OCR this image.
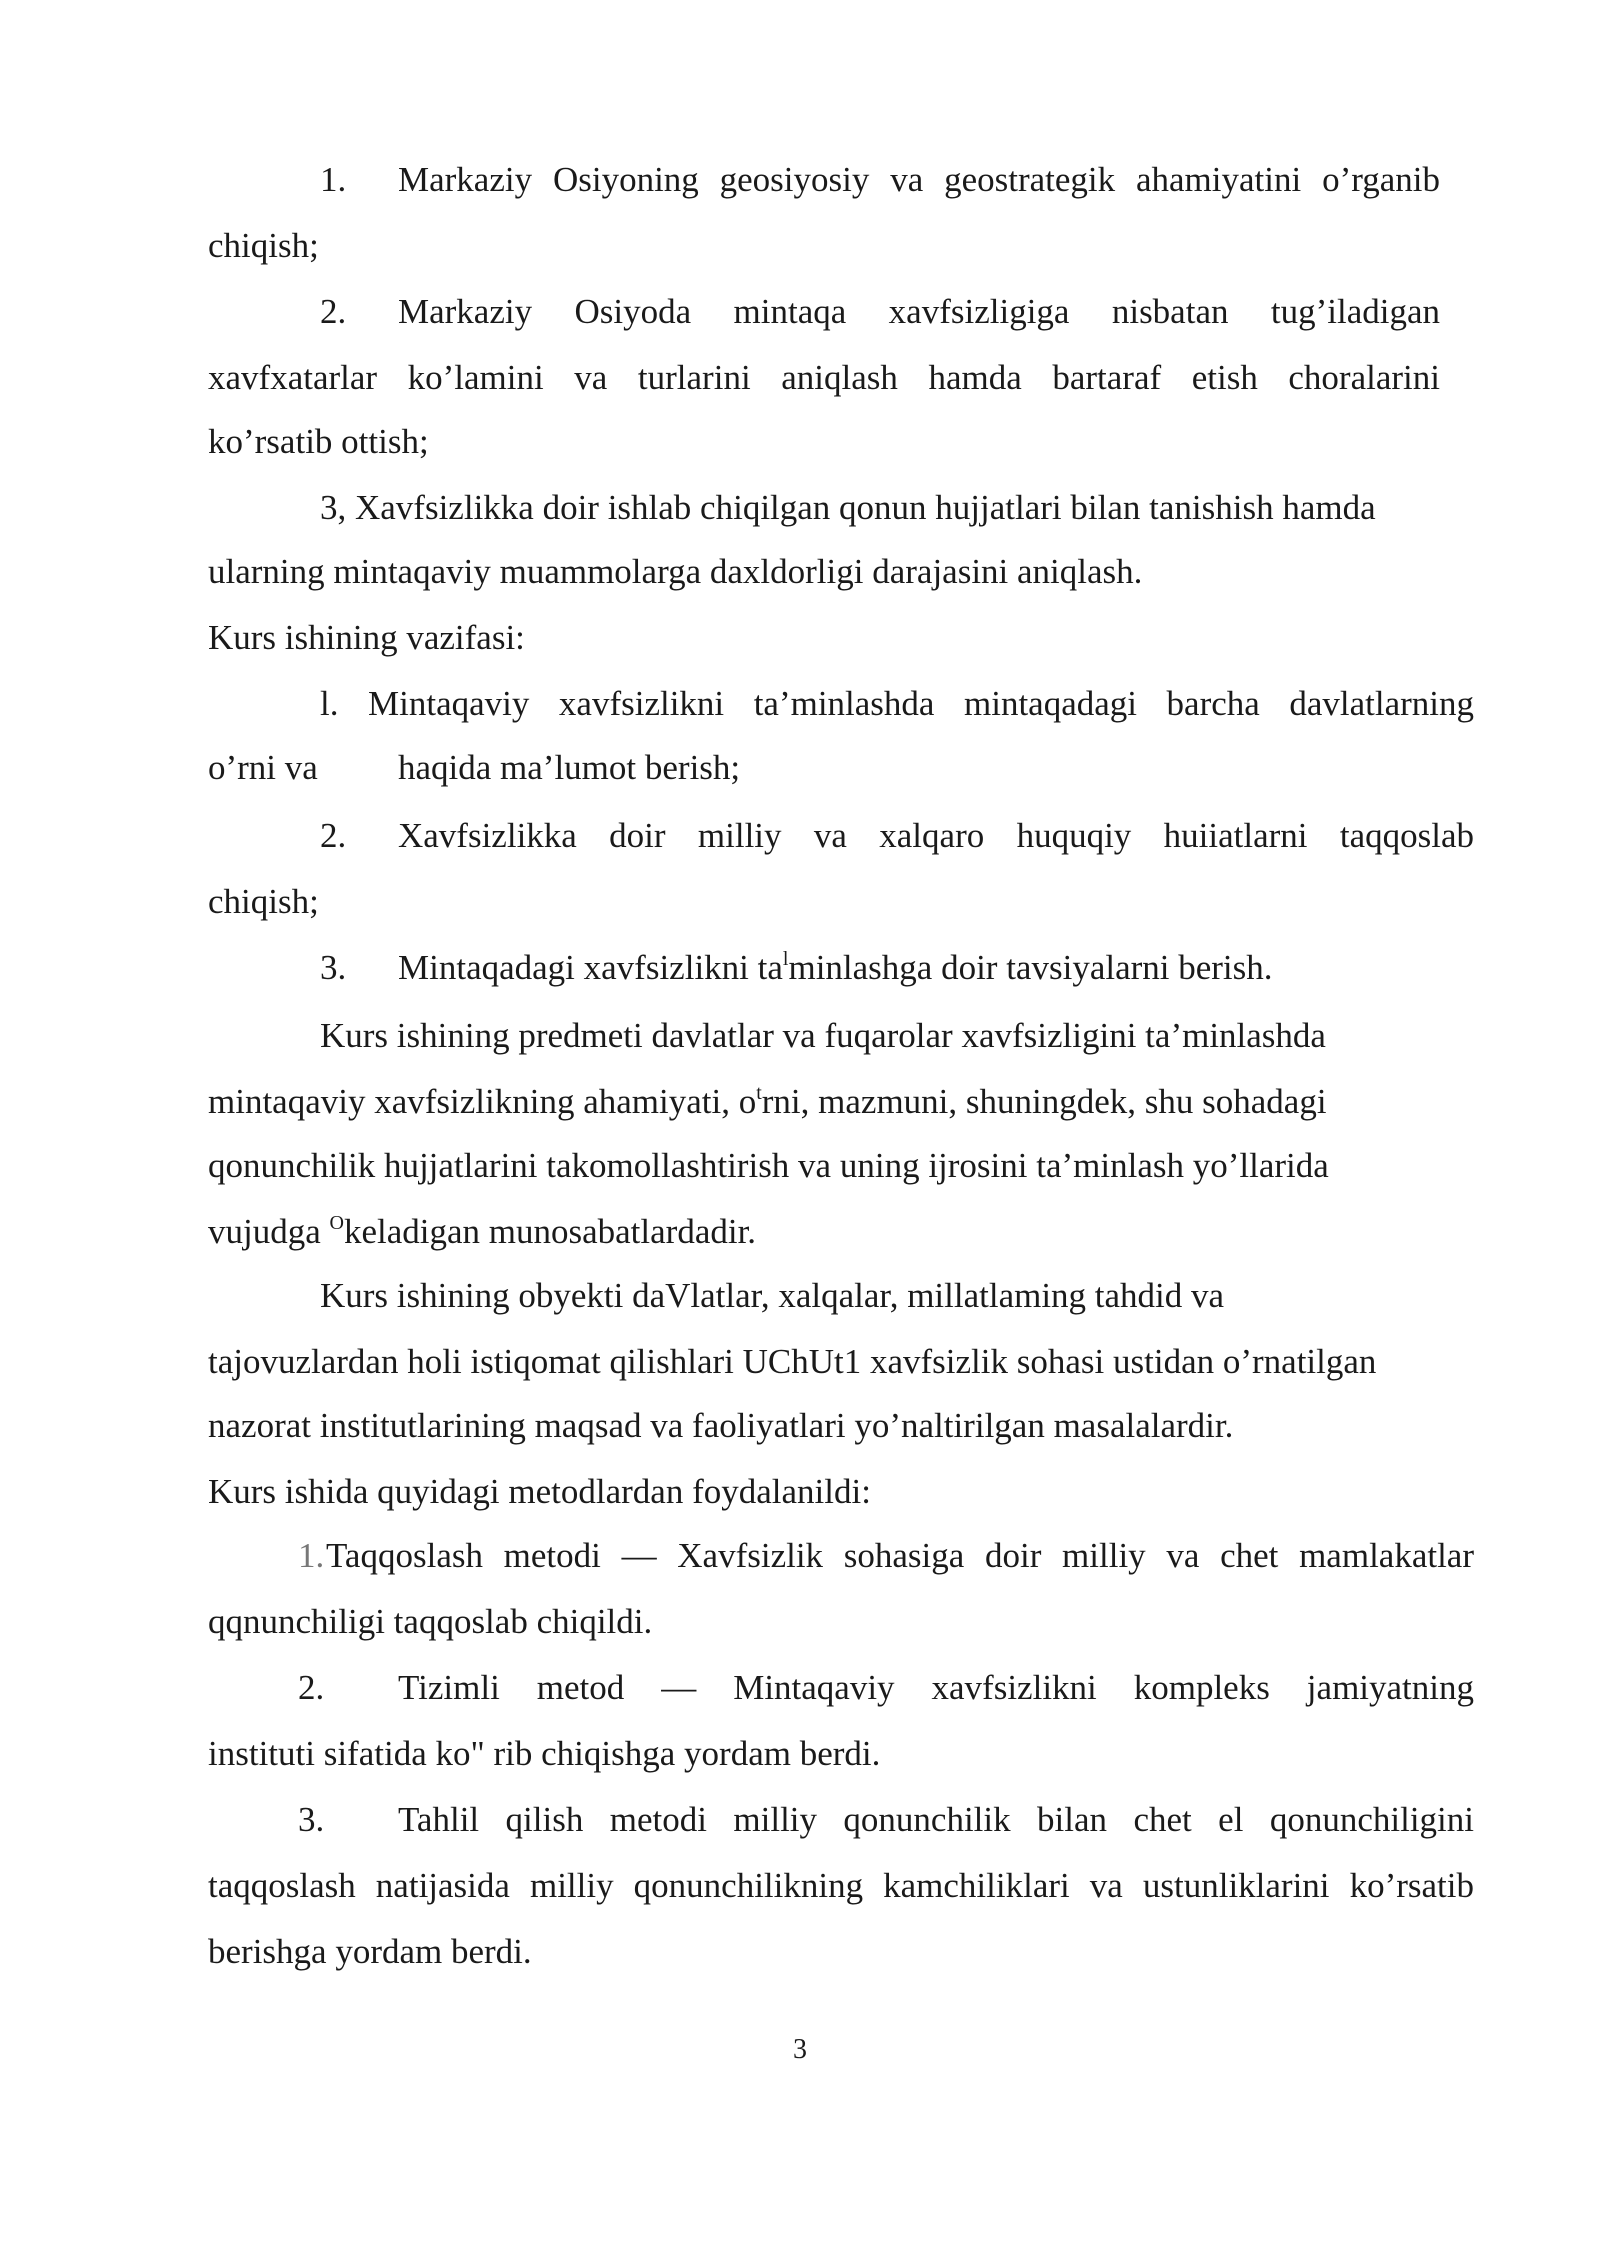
1.	Markaziy Osiyoning geosiyosiy va geostrategik ahamiyatini o’rganib
chiqish;
2.	Markaziy Osiyoda mintaqa xavfsizligiga nisbatan tug’iladigan
xavfxatarlar ko’lamini va turlarini aniqlash hamda bartaraf etish choralarini
ko’rsatib ottish;
3, Xavfsizlikka doir ishlab chiqilgan qonun hujjatlari bilan tanishish hamda
ularning mintaqaviy muammolarga daxldorligi darajasini aniqlash.
Kurs ishining vazifasi:
l. Mintaqaviy xavfsizlikni ta’minlashda mintaqadagi barcha davlatlarning
o’rni va	haqida ma’lumot berish;
2.	Xavfsizlikka doir milliy va xalqaro huquqiy huiiatlarni taqqoslab
chiqish;
3.	Mintaqadagi xavfsizlikni $ta^lminlashga$ doir tavsiyalarni berish.
Kurs ishining predmeti davlatlar va fuqarolar xavfsizligini ta’minlashda
mintaqaviy xavfsizlikning ahamiyati, $o^trni$, mazmuni, shuningdek, shu sohadagi
qonunchilik hujjatlarini takomollashtirish va uning ijrosini ta’minlash yo’llarida
vujudga $^O$keladigan munosabatlardadir.
Kurs ishining obyekti daVlatlar, xalqalar, millatlaming tahdid va
tajovuzlardan holi istiqomat qilishlari UChUt1 xavfsizlik sohasi ustidan o’rnatilgan
nazorat institutlarining maqsad va faoliyatlari yo’naltirilgan masalalardir.
Kurs ishida quyidagi metodlardan foydalanildi:
1. Taqqoslash metodi — Xavfsizlik sohasiga doir milliy va chet mamlakatlar
qqnunchiligi taqqoslab chiqildi.
2.	Tizimli metod — Mintaqaviy xavfsizlikni kompleks jamiyatning
instituti sifatida ko" rib chiqishga yordam berdi.
3.	Tahlil qilish metodi milliy qonunchilik bilan chet el qonunchiligini
taqqoslash natijasida milliy qonunchilikning kamchiliklari va ustunliklarini ko’rsatib
berishga yordam berdi.
3
